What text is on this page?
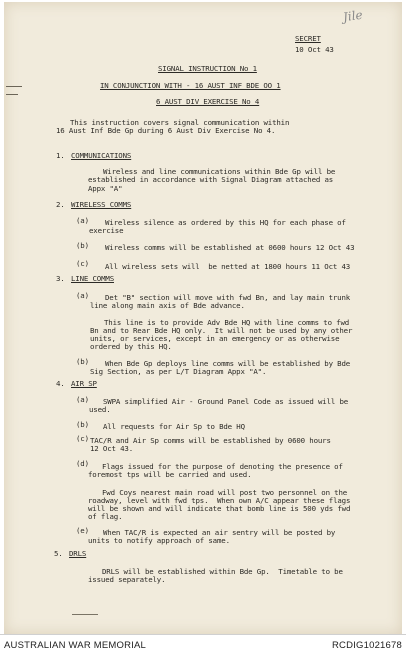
Jile
SECRET
10 Oct 43
SIGNAL INSTRUCTION No 1
IN CONJUNCTION WITH - 16 AUST INF BDE OO 1
6 AUST DIV EXERCISE No 4
This instruction covers signal communication within
16 Aust Inf Bde Gp during 6 Aust Div Exercise No 4.
1. COMMUNICATIONS
Wireless and line communications within Bde Gp will be
established in accordance with Signal Diagram attached as
Appx "A"
2. WIRELESS COMMS
(a) Wireless silence as ordered by this HQ for each phase of
exercise
(b) Wireless comms will be established at 0600 hours 12 Oct 43
(c) All wireless sets will  be netted at 1800 hours 11 Oct 43
3. LINE COMMS
(a) Det "B" section will move with fwd Bn, and lay main trunk
line along main axis of Bde advance.
This line is to provide Adv Bde HQ with line comms to fwd
Bn and to Rear Bde HQ only.  It will not be used by any other
units, or services, except in an emergency or as otherwise
ordered by this HQ.
(b) When Bde Gp deploys line comms will be established by Bde
Sig Section, as per L/T Diagram Appx "A".
4. AIR SP
(a) SWPA simplified Air - Ground Panel Code as issued will be
used.
(b) All requests for Air Sp to Bde HQ
(c) TAC/R and Air Sp comms will be established by 0600 hours
12 Oct 43.
(d) Flags issued for the purpose of denoting the presence of
foremost tps will be carried and used.
Fwd Coys nearest main road will post two personnel on the
roadway, level with fwd tps.  When own A/C appear these flags
will be shown and will indicate that bomb line is 500 yds fwd
of flag.
(e) When TAC/R is expected an air sentry will be posted by
units to notify approach of same.
5. DRLS
DRLS will be established within Bde Gp.  Timetable to be
issued separately.
AUSTRALIAN WAR MEMORIAL	RCDIG1021678
